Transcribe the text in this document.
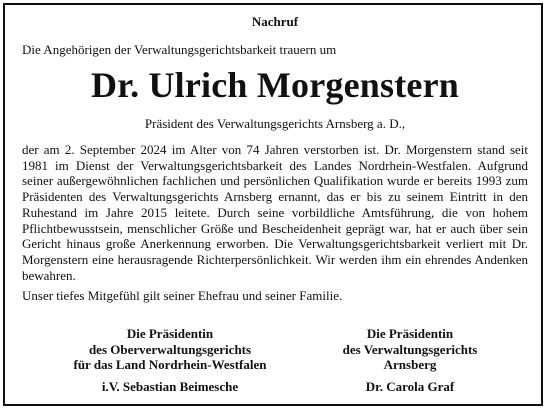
Nachruf
Die Angehörigen der Verwaltungsgerichtsbarkeit trauern um
Dr. Ulrich Morgenstern
Präsident des Verwaltungsgerichts Arnsberg a. D.,
der am 2. September 2024 im Alter von 74 Jahren verstorben ist. Dr. Morgenstern stand seit 1981 im Dienst der Verwaltungsgerichtsbarkeit des Landes Nordrhein-Westfalen. Aufgrund seiner außergewöhnlichen fachlichen und persönlichen Qualifikation wurde er bereits 1993 zum Präsidenten des Verwaltungsgerichts Arnsberg ernannt, das er bis zu seinem Eintritt in den Ruhestand im Jahre 2015 leitete. Durch seine vorbildliche Amtsführung, die von hohem Pflichtbewusstsein, menschlicher Größe und Bescheidenheit geprägt war, hat er auch über sein Gericht hinaus große Anerkennung erworben. Die Verwaltungsgerichtsbarkeit verliert mit Dr. Morgenstern eine herausragende Richterpersönlichkeit. Wir werden ihm ein ehrendes Andenken bewahren.
Unser tiefes Mitgefühl gilt seiner Ehefrau und seiner Familie.
Die Präsidentin
des Oberverwaltungsgerichts
für das Land Nordrhein-Westfalen
Die Präsidentin
des Verwaltungsgerichts
Arnsberg
i.V. Sebastian Beimesche	Dr. Carola Graf
